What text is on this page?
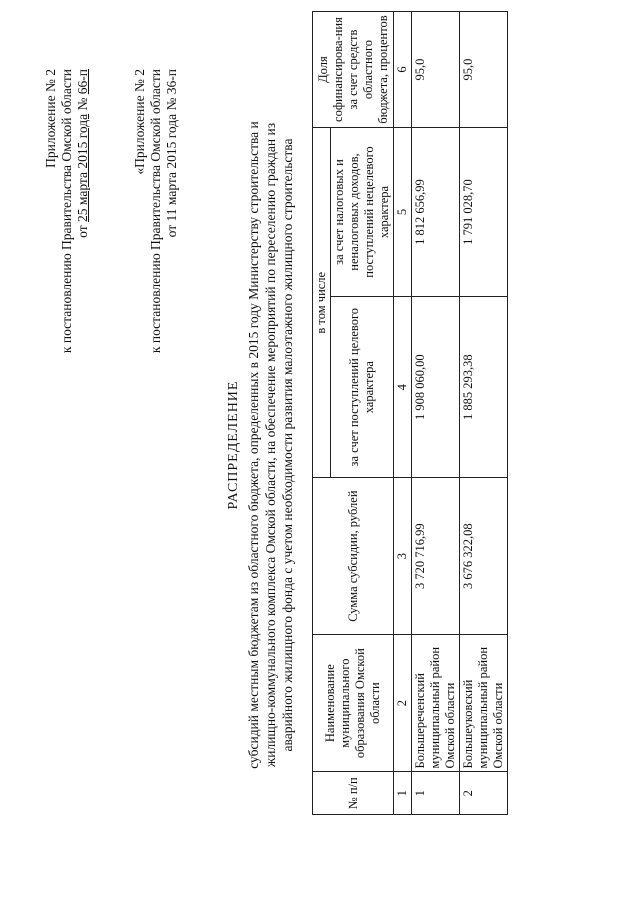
Приложение № 2 к постановлению Правительства Омской области от 25 марта 2015 года № 66-п	«Приложение № 2 к постановлению Правительства Омской области от 11 марта 2015 года № 36-п
РАСПРЕДЕЛЕНИЕ субсидий местным бюджетам из областного бюджета, определенных в 2015 году Министерству строительства и жилищно-коммунального комплекса Омской области, на обеспечение мероприятий по переселению граждан из аварийного жилищного фонда с учетом необходимости развития малоэтажного жилищного строительства

№ п/п	Наименование муниципального образования Омской области	Сумма субсидии, рублей	в том числе		Доля софинансирова-ния за счет средств областного бюджета, процентов
			за счет поступлений целевого характера	за счет налоговых и неналоговых доходов, поступлений нецелевого характера	
1	2	3	4	5	6
1	Большереченский муниципальный район Омской области	3 720 716,99	1 908 060,00	1 812 656,99	95,0
2	Большеуковский муниципальный район Омской области	3 676 322,08	1 885 293,38	1 791 028,70	95,0
